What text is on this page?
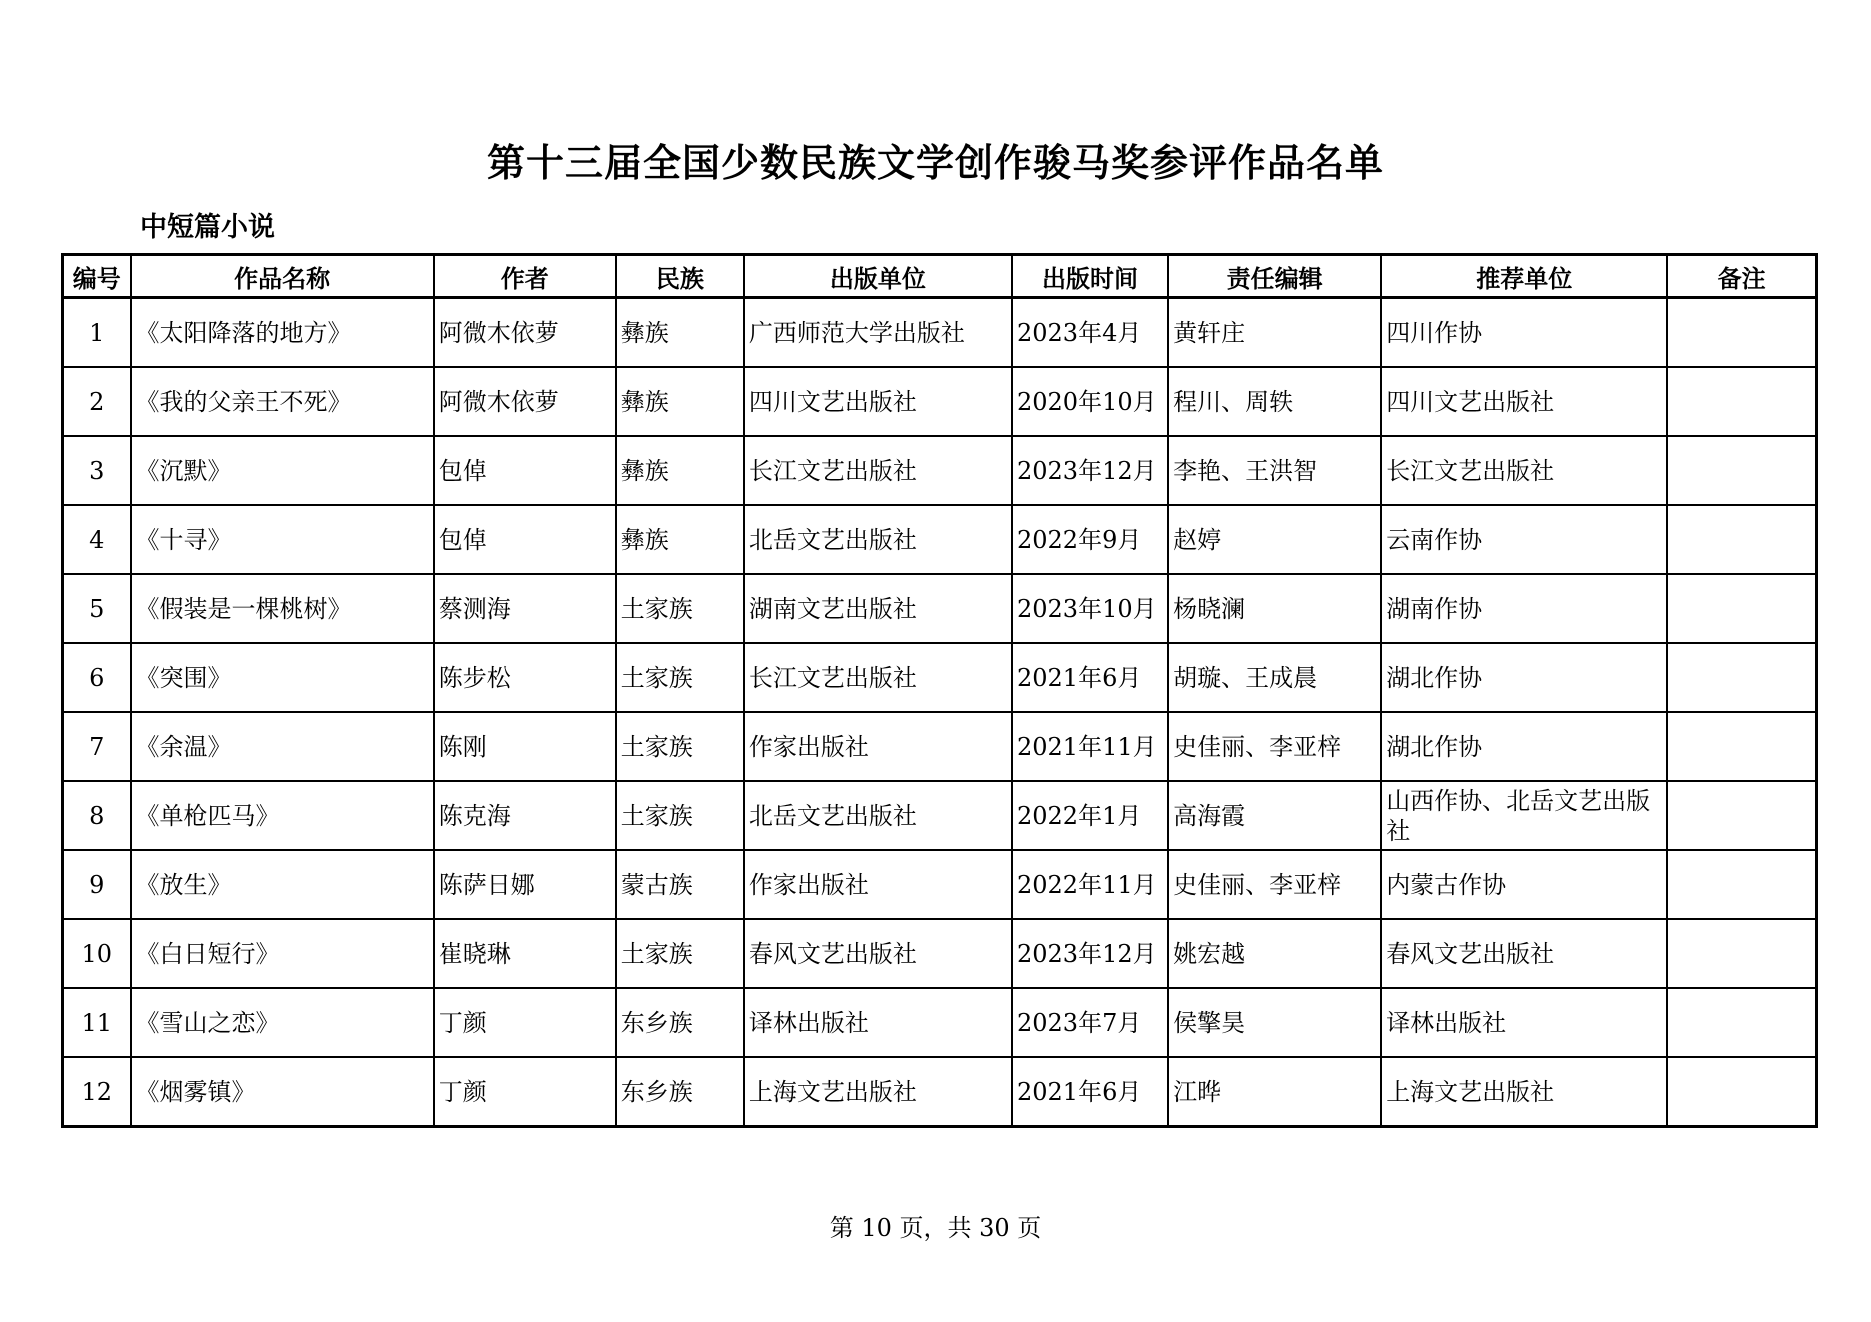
第十三届全国少数民族文学创作骏马奖参评作品名单
中短篇小说
编号	作品名称	作者	民族	出版单位	出版时间	责任编辑	推荐单位	备注
1	《太阳降落的地方》	阿微木依萝	彝族	广西师范大学出版社	2023年4月	黄轩庄	四川作协	
2	《我的父亲王不死》	阿微木依萝	彝族	四川文艺出版社	2020年10月	程川、周轶	四川文艺出版社	
3	《沉默》	包倬	彝族	长江文艺出版社	2023年12月	李艳、王洪智	长江文艺出版社	
4	《十寻》	包倬	彝族	北岳文艺出版社	2022年9月	赵婷	云南作协	
5	《假装是一棵桃树》	蔡测海	土家族	湖南文艺出版社	2023年10月	杨晓澜	湖南作协	
6	《突围》	陈步松	土家族	长江文艺出版社	2021年6月	胡璇、王成晨	湖北作协	
7	《余温》	陈刚	土家族	作家出版社	2021年11月	史佳丽、李亚梓	湖北作协	
8	《单枪匹马》	陈克海	土家族	北岳文艺出版社	2022年1月	高海霞	山西作协、北岳文艺出版社	
9	《放生》	陈萨日娜	蒙古族	作家出版社	2022年11月	史佳丽、李亚梓	内蒙古作协	
10	《白日短行》	崔晓琳	土家族	春风文艺出版社	2023年12月	姚宏越	春风文艺出版社	
11	《雪山之恋》	丁颜	东乡族	译林出版社	2023年7月	侯擎昊	译林出版社	
12	《烟雾镇》	丁颜	东乡族	上海文艺出版社	2021年6月	江晔	上海文艺出版社	
第 10 页，共 30 页
